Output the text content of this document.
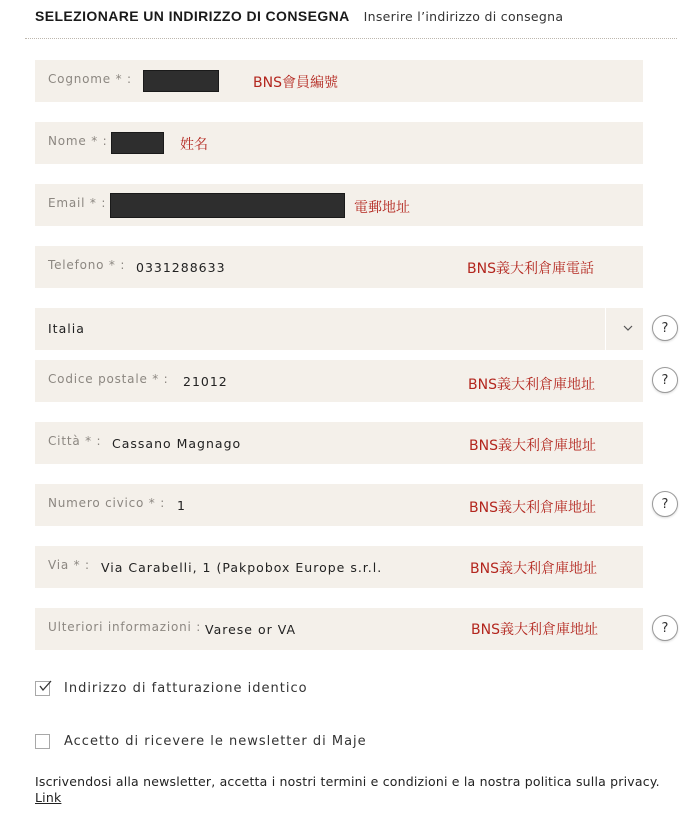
SELEZIONARE UN INDIRIZZO DI CONSEGNA Inserire l’indirizzo di consegna
Cognome * :	BNS會員編號
Nome * :	姓名
Email * :	電郵地址
Telefono * : 0331288633	BNS義大利倉庫電話
Italia	?
Codice postale * : 21012	BNS義大利倉庫地址	?
Città * : Cassano Magnago	BNS義大利倉庫地址
Numero civico * : 1	BNS義大利倉庫地址	?
Via * : Via Carabelli, 1 (Pakpobox Europe s.r.l.	BNS義大利倉庫地址
Ulteriori informazioni : Varese or VA	BNS義大利倉庫地址	?
Indirizzo di fatturazione identico
Accetto di ricevere le newsletter di Maje
Iscrivendosi alla newsletter, accetta i nostri termini e condizioni e la nostra politica sulla privacy.
Link
